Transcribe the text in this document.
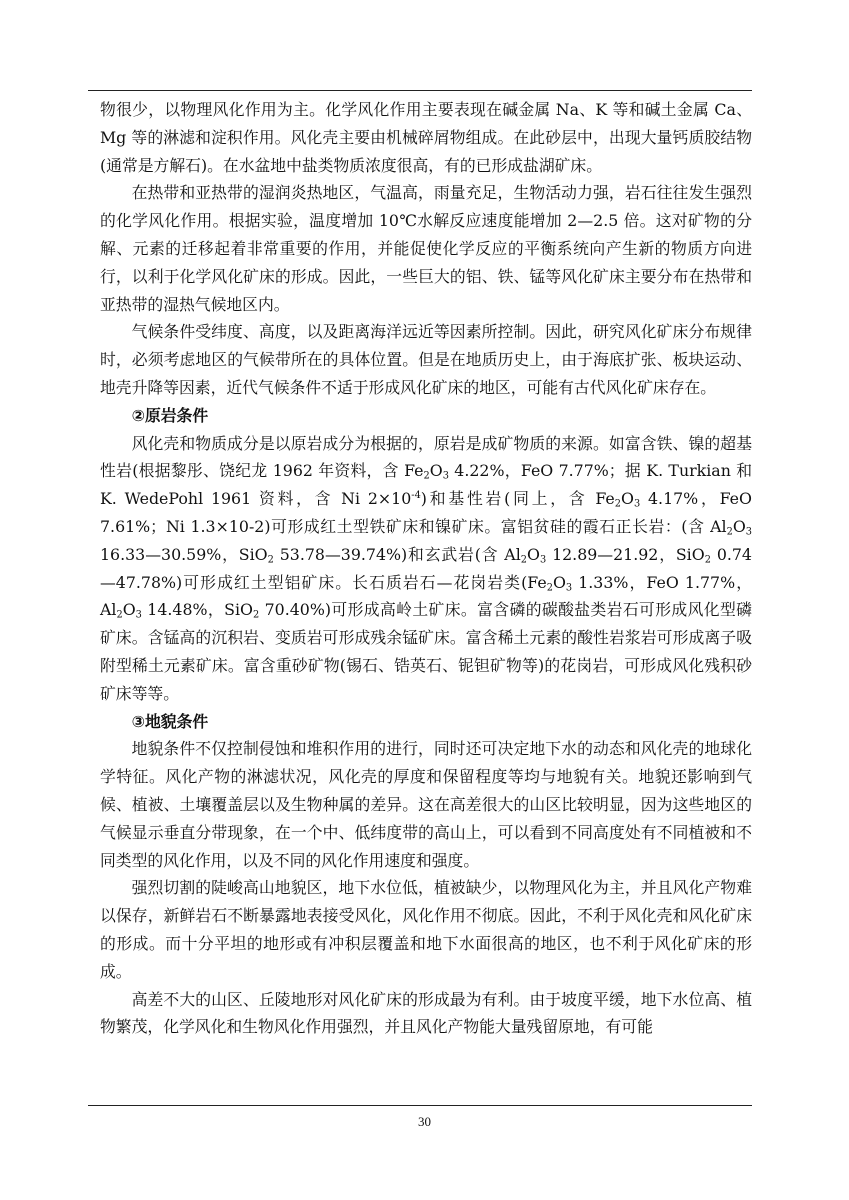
物很少，以物理风化作用为主。化学风化作用主要表现在碱金属 Na、K 等和碱土金属 Ca、Mg 等的淋滤和淀积作用。风化壳主要由机械碎屑物组成。在此砂层中，出现大量钙质胶结物(通常是方解石)。在水盆地中盐类物质浓度很高，有的已形成盐湖矿床。

在热带和亚热带的湿润炎热地区，气温高，雨量充足，生物活动力强，岩石往往发生强烈的化学风化作用。根据实验，温度增加 10℃水解反应速度能增加 2—2.5 倍。这对矿物的分解、元素的迁移起着非常重要的作用，并能促使化学反应的平衡系统向产生新的物质方向进行，以利于化学风化矿床的形成。因此，一些巨大的铝、铁、锰等风化矿床主要分布在热带和亚热带的湿热气候地区内。

气候条件受纬度、高度，以及距离海洋远近等因素所控制。因此，研究风化矿床分布规律时，必须考虑地区的气候带所在的具体位置。但是在地质历史上，由于海底扩张、板块运动、地壳升降等因素，近代气候条件不适于形成风化矿床的地区，可能有古代风化矿床存在。

②原岩条件

风化壳和物质成分是以原岩成分为根据的，原岩是成矿物质的来源。如富含铁、镍的超基性岩(根据黎彤、饶纪龙 1962 年资料，含 $Fe_2O_3$ 4.22%，FeO 7.77%；据 K. Turkian 和 K. WedePohl 1961 资料，含 Ni $2\times 10^{-4}$)和基性岩(同上，含 $Fe_2O_3$ 4.17%，FeO 7.61%；Ni 1.3×10-2)可形成红土型铁矿床和镍矿床。富铝贫硅的霞石正长岩：(含 $Al_2O_3$ 16.33—30.59%，SiO$_2$ 53.78—39.74%)和玄武岩(含 $Al_2O_3$ 12.89—21.92，SiO$_2$ 0.74—47.78%)可形成红土型铝矿床。长石质岩石—花岗岩类($Fe_2O_3$ 1.33%，FeO 1.77%，$Al_2O_3$ 14.48%，SiO$_2$ 70.40%)可形成高岭土矿床。富含磷的碳酸盐类岩石可形成风化型磷矿床。含锰高的沉积岩、变质岩可形成残余锰矿床。富含稀土元素的酸性岩浆岩可形成离子吸附型稀土元素矿床。富含重砂矿物(锡石、锆英石、铌钽矿物等)的花岗岩，可形成风化残积砂矿床等等。

③地貌条件

地貌条件不仅控制侵蚀和堆积作用的进行，同时还可决定地下水的动态和风化壳的地球化学特征。风化产物的淋滤状况，风化壳的厚度和保留程度等均与地貌有关。地貌还影响到气候、植被、土壤覆盖层以及生物种属的差异。这在高差很大的山区比较明显，因为这些地区的气候显示垂直分带现象，在一个中、低纬度带的高山上，可以看到不同高度处有不同植被和不同类型的风化作用，以及不同的风化作用速度和强度。

强烈切割的陡峻高山地貌区，地下水位低，植被缺少，以物理风化为主，并且风化产物难以保存，新鲜岩石不断暴露地表接受风化，风化作用不彻底。因此，不利于风化壳和风化矿床的形成。而十分平坦的地形或有冲积层覆盖和地下水面很高的地区，也不利于风化矿床的形成。

高差不大的山区、丘陵地形对风化矿床的形成最为有利。由于坡度平缓，地下水位高、植物繁茂，化学风化和生物风化作用强烈，并且风化产物能大量残留原地，有可能

30
